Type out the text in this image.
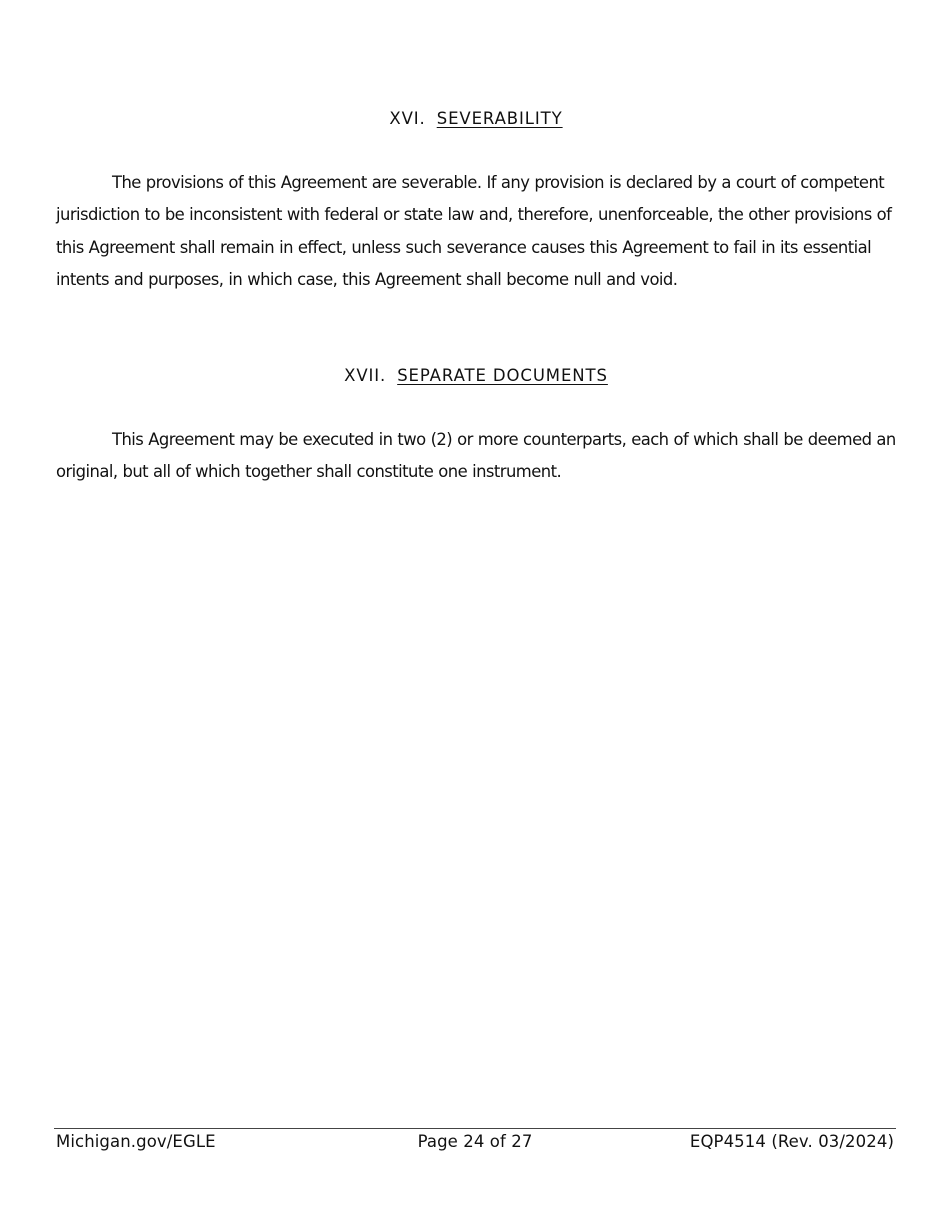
XVI. SEVERABILITY
The provisions of this Agreement are severable. If any provision is declared by a court of competent jurisdiction to be inconsistent with federal or state law and, therefore, unenforceable, the other provisions of this Agreement shall remain in effect, unless such severance causes this Agreement to fail in its essential intents and purposes, in which case, this Agreement shall become null and void.
XVII. SEPARATE DOCUMENTS
This Agreement may be executed in two (2) or more counterparts, each of which shall be deemed an original, but all of which together shall constitute one instrument.
Michigan.gov/EGLE	Page 24 of 27	EQP4514 (Rev. 03/2024)
